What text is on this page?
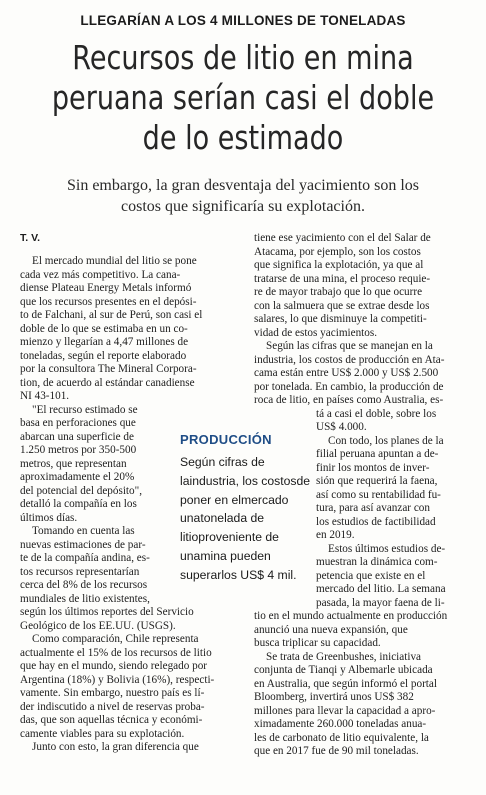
LLEGARÍAN A LOS 4 MILLONES DE TONELADAS
Recursos de litio en mina
peruana serían casi el doble
de lo estimado
Sin embargo, la gran desventaja del yacimiento son los
costos que significaría su explotación.
T. V.
El mercado mundial del litio se pone
cada vez más competitivo. La cana-
diense Plateau Energy Metals informó
que los recursos presentes en el depósi-
to de Falchani, al sur de Perú, son casi el
doble de lo que se estimaba en un co-
mienzo y llegarían a 4,47 millones de
toneladas, según el reporte elaborado
por la consultora The Mineral Corpora-
tion, de acuerdo al estándar canadiense
NI 43-101.
"El recurso estimado se
basa en perforaciones que
abarcan una superficie de
1.250 metros por 350-500
metros, que representan
aproximadamente el 20%
del potencial del depósito",
detalló la compañía en los
últimos días.
Tomando en cuenta las
nuevas estimaciones de par-
te de la compañía andina, es-
tos recursos representarían
cerca del 8% de los recursos
mundiales de litio existentes,
según los últimos reportes del Servicio
Geológico de los EE.UU. (USGS).
Como comparación, Chile representa
actualmente el 15% de los recursos de litio
que hay en el mundo, siendo relegado por
Argentina (18%) y Bolivia (16%), respecti-
vamente. Sin embargo, nuestro país es lí-
der indiscutido a nivel de reservas proba-
das, que son aquellas técnica y económi-
camente viables para su explotación.
Junto con esto, la gran diferencia que
PRODUCCIÓN
Según cifras de laindustria, los costosde poner en elmercado unatonelada de litioproveniente de unamina pueden superarlos US$ 4 mil.
tiene ese yacimiento con el del Salar de
Atacama, por ejemplo, son los costos
que significa la explotación, ya que al
tratarse de una mina, el proceso requie-
re de mayor trabajo que lo que ocurre
con la salmuera que se extrae desde los
salares, lo que disminuye la competiti-
vidad de estos yacimientos.
Según las cifras que se manejan en la
industria, los costos de producción en Ata-
cama están entre US$ 2.000 y US$ 2.500
por tonelada. En cambio, la producción de
roca de litio, en países como Australia, es-
tá a casi el doble, sobre los
US$ 4.000.
Con todo, los planes de la
filial peruana apuntan a de-
finir los montos de inver-
sión que requerirá la faena,
así como su rentabilidad fu-
tura, para así avanzar con
los estudios de factibilidad
en 2019.
Estos últimos estudios de-
muestran la dinámica com-
petencia que existe en el
mercado del litio. La semana
pasada, la mayor faena de li-
tio en el mundo actualmente en producción
anunció una nueva expansión, que
busca triplicar su capacidad.
Se trata de Greenbushes, iniciativa
conjunta de Tianqi y Albemarle ubicada
en Australia, que según informó el portal
Bloomberg, invertirá unos US$ 382
millones para llevar la capacidad a apro-
ximadamente 260.000 toneladas anua-
les de carbonato de litio equivalente, la
que en 2017 fue de 90 mil toneladas.
